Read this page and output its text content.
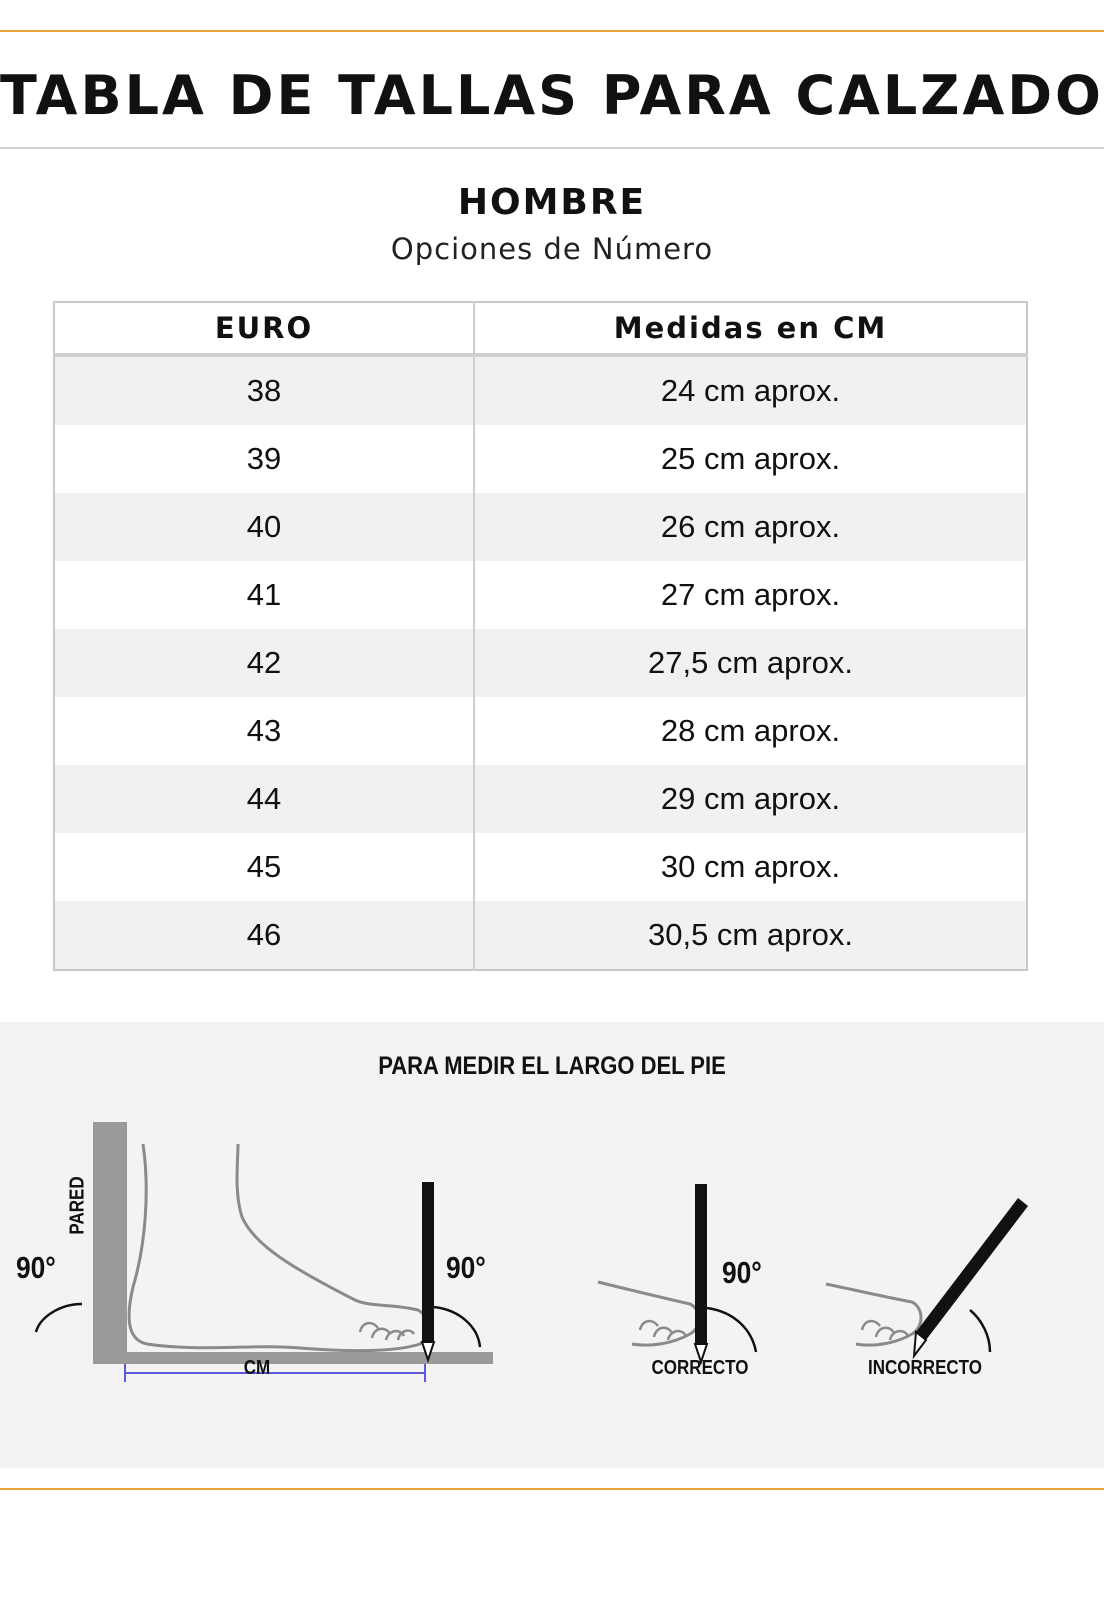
TABLA DE TALLAS PARA CALZADO
HOMBRE
Opciones de Número
EURO	Medidas en CM
38	24 cm aprox.
39	25 cm aprox.
40	26 cm aprox.
41	27 cm aprox.
42	27,5 cm aprox.
43	28 cm aprox.
44	29 cm aprox.
45	30 cm aprox.
46	30,5 cm aprox.
PARA MEDIR EL LARGO DEL PIE
PARED
90°	90°
CM
90°
CORRECTO	INCORRECTO
